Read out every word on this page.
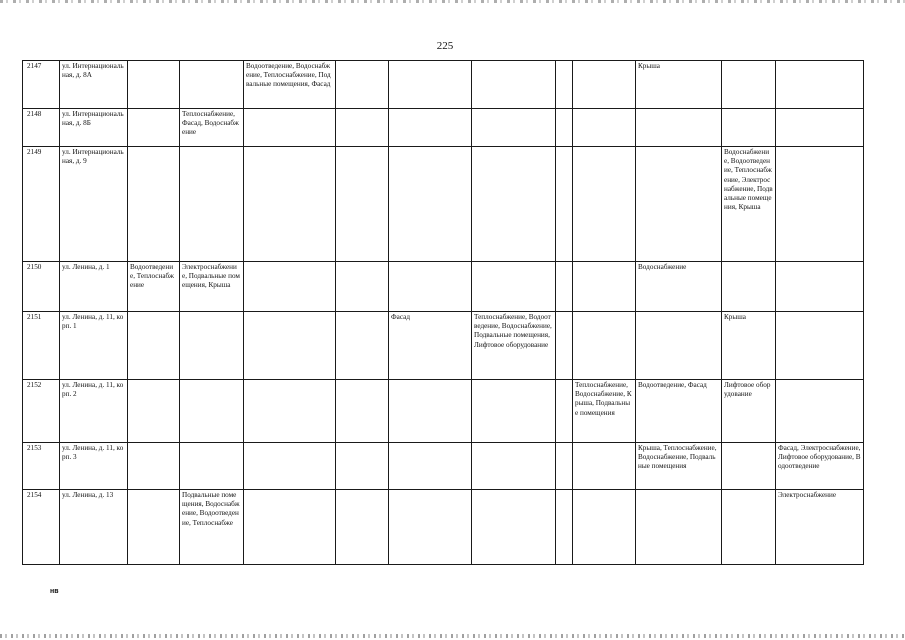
225
2147	ул. Интернациональная, д. 8А			Водоотведение, Водоснабжение, Теплоснабжение, Подвальные помещения, Фасад						Крыша		
2148	ул. Интернациональная, д. 8Б		Теплоснабжение, Фасад, Водоснабжение									
2149	ул. Интернациональная, д. 9										Водоснабжение, Водоотведение, Теплоснабжение, Электроснабжение, Подвальные помещения, Крыша	
2150	ул. Ленина, д. 1	Водоотведение, Теплоснабжение	Электроснабжение, Подвальные помещения, Крыша							Водоснабжение		
2151	ул. Ленина, д. 11, корп. 1					Фасад	Теплоснабжение, Водоотведение, Водоснабжение, Подвальные помещения, Лифтовое оборудование				Крыша	
2152	ул. Ленина, д. 11, корп. 2								Теплоснабжение, Водоснабжение, Крыша, Подвальные помещения	Водоотведение, Фасад	Лифтовое оборудование	
2153	ул. Ленина, д. 11, корп. 3									Крыша, Теплоснабжение, Водоснабжение, Подвальные помещения		Фасад, Электроснабжение, Лифтовое оборудование, Водоотведение
2154	ул. Ленина, д. 13		Подвальные помещения, Водоснабжение, Водоотведение, Теплоснабже									Электроснабжение
нв
